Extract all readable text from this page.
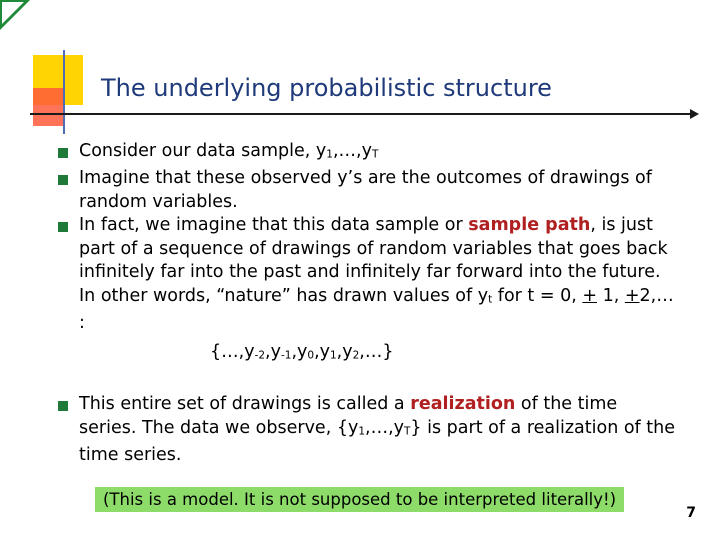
The underlying probabilistic structure
Consider our data sample, $y_1,\dots,y_T$
Imagine that these observed y’s are the outcomes of drawings of random variables.
In fact, we imagine that this data sample or sample path, is just part of a sequence of drawings of random variables that goes back infinitely far into the past and infinitely far forward into the future. In other words, “nature” has drawn values of $y_t$ for t = 0, + 1, +2,… :
$\{\dots,y_{-2},y_{-1},y_0,y_1,y_2,\dots\}$
This entire set of drawings is called a realization of the time series. The data we observe, $\{y_1,\dots,y_T\}$ is part of a realization of the time series.
(This is a model. It is not supposed to be interpreted literally!)
7
